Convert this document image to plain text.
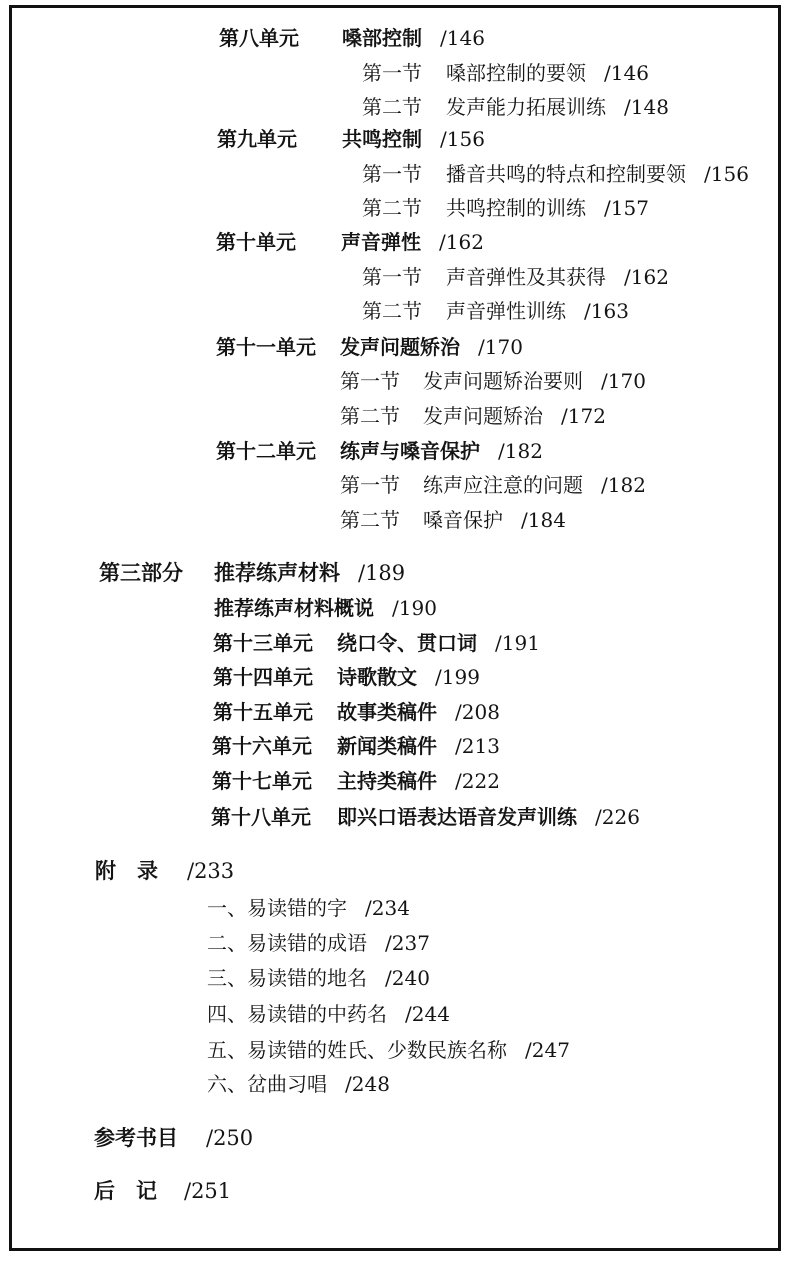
第八单元 嗓部控制 /146
第一节 嗓部控制的要领 /146
第二节 发声能力拓展训练 /148
第九单元 共鸣控制 /156
第一节 播音共鸣的特点和控制要领 /156
第二节 共鸣控制的训练 /157
第十单元 声音弹性 /162
第一节 声音弹性及其获得 /162
第二节 声音弹性训练 /163
第十一单元 发声问题矫治 /170
第一节 发声问题矫治要则 /170
第二节 发声问题矫治 /172
第十二单元 练声与嗓音保护 /182
第一节 练声应注意的问题 /182
第二节 嗓音保护 /184
第三部分 推荐练声材料 /189
推荐练声材料概说 /190
第十三单元 绕口令、贯口词 /191
第十四单元 诗歌散文 /199
第十五单元 故事类稿件 /208
第十六单元 新闻类稿件 /213
第十七单元 主持类稿件 /222
第十八单元 即兴口语表达语音发声训练 /226
附　录 /233
一、易读错的字 /234
二、易读错的成语 /237
三、易读错的地名 /240
四、易读错的中药名 /244
五、易读错的姓氏、少数民族名称 /247
六、岔曲习唱 /248
参考书目 /250
后　记 /251
